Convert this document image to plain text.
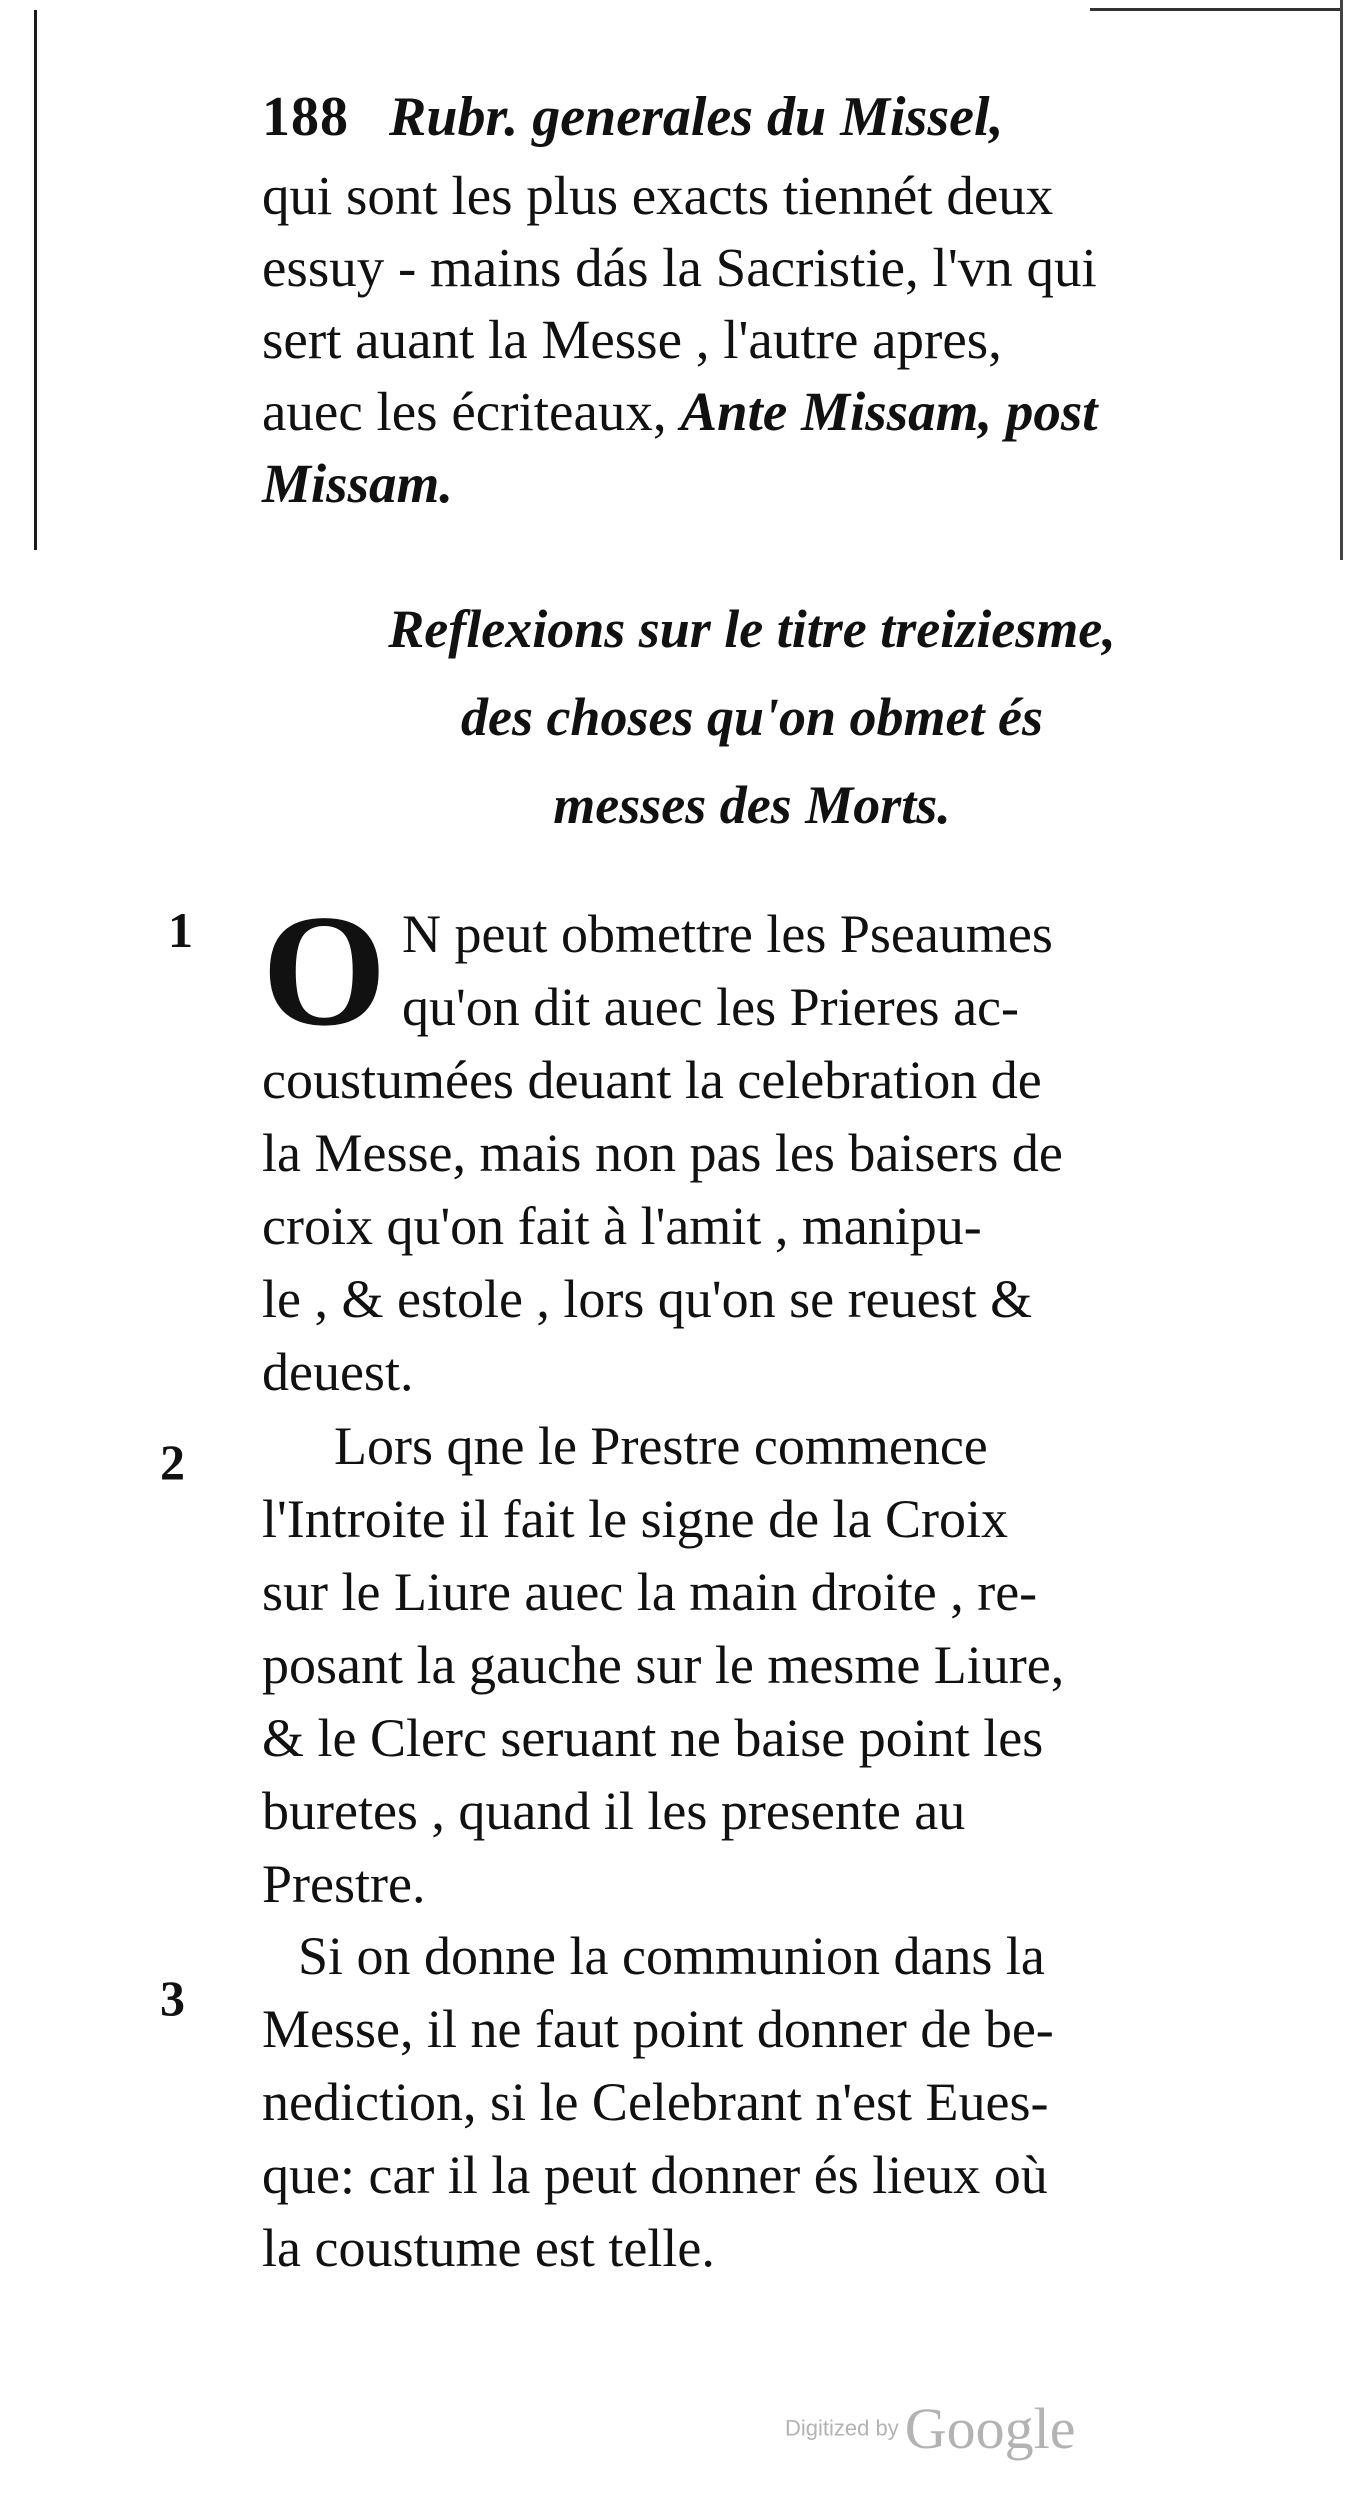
188 Rubr. generales du Missel,
qui sont les plus exacts tiennét deux
essuy - mains dás la Sacristie, l'vn qui
sert auant la Messe , l'autre apres,
auec les écriteaux, Ante Missam, post
Missam.
Reflexions sur le titre treiziesme,
des choses qu'on obmet és
messes des Morts.
1 O N peut obmettre les Pseaumes
qu'on dit auec les Prieres ac-
coustumées deuant la celebration de
la Messe, mais non pas les baisers de
croix qu'on fait à l'amit , manipu-
le , & estole , lors qu'on se reuest &
deuest.
2	Lors qne le Prestre commence
l'Introite il fait le signe de la Croix
sur le Liure auec la main droite , re-
posant la gauche sur le mesme Liure,
& le Clerc seruant ne baise point les
buretes , quand il les presente au
Prestre.
3
Si on donne la communion dans la
Messe, il ne faut point donner de be-
nediction, si le Celebrant n'est Eues-
que: car il la peut donner és lieux où
la coustume est telle.
Digitized by Google
